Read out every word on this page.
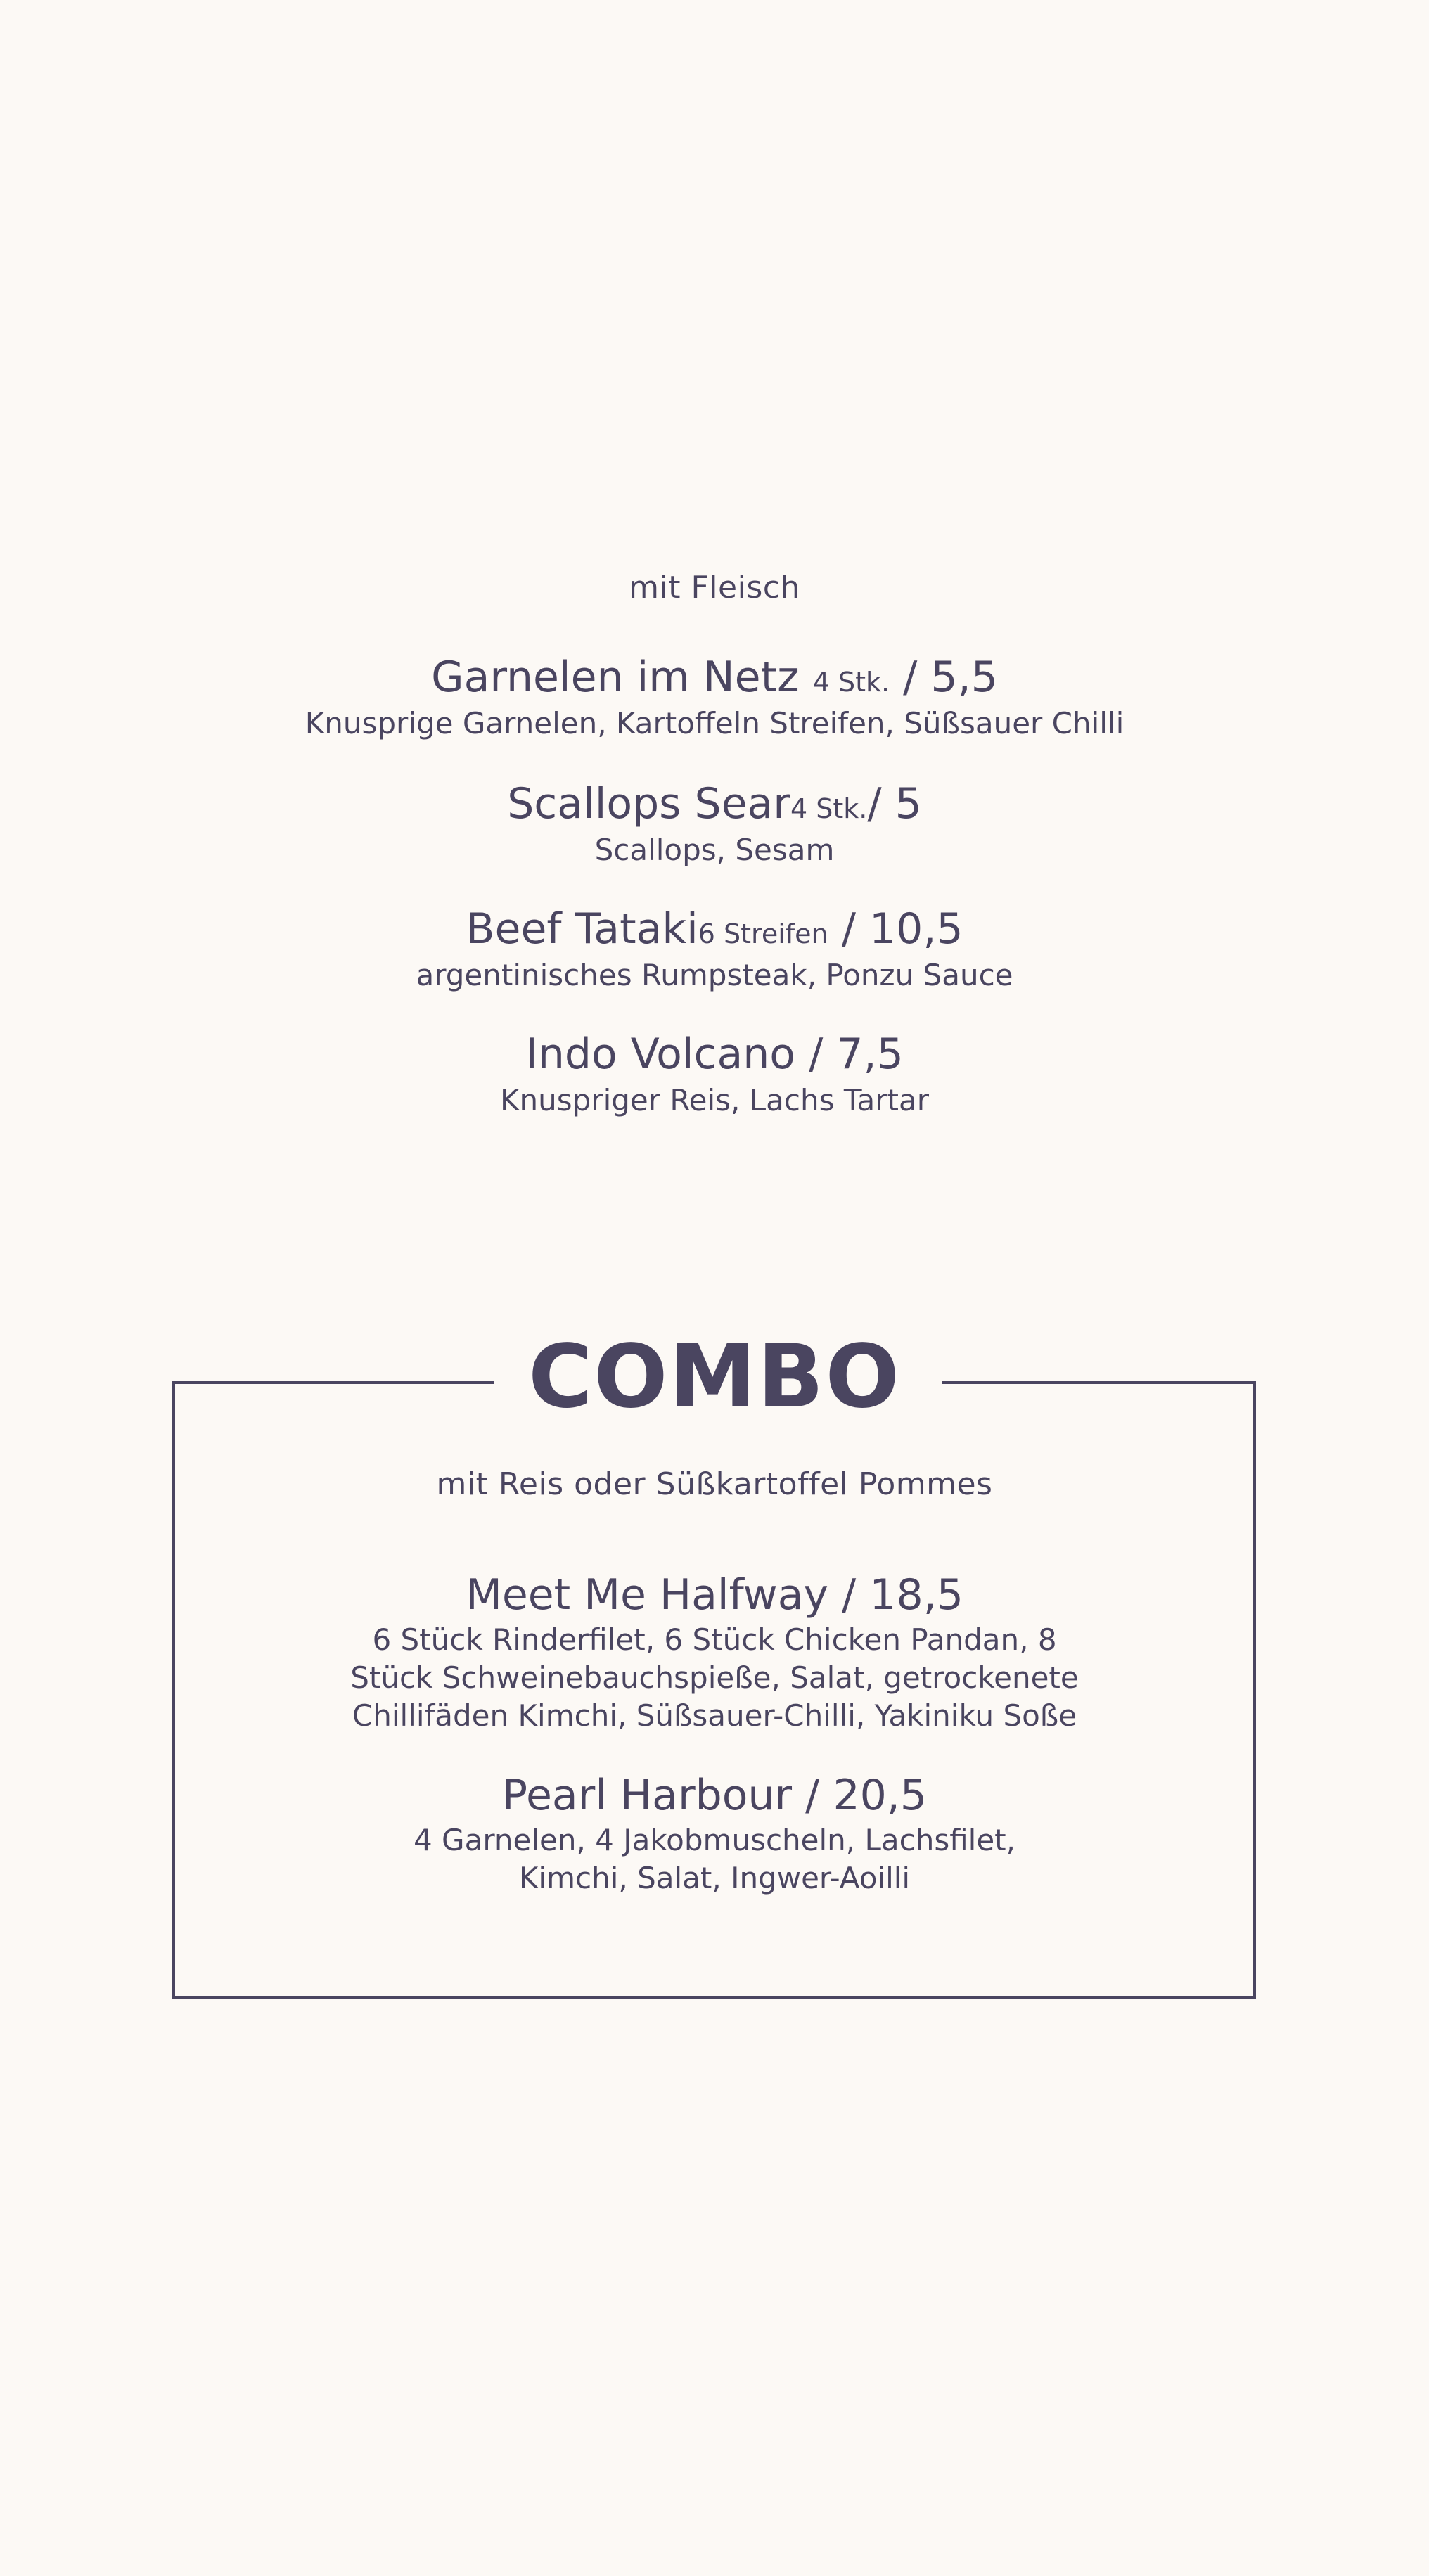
mit Fleisch
Garnelen im Netz 4 Stk. / 5,5
Knusprige Garnelen, Kartoffeln Streifen, Süßsauer Chilli
Scallops Sear4 Stk./ 5
Scallops, Sesam
Beef Tataki6 Streifen / 10,5
argentinisches Rumpsteak, Ponzu Sauce
Indo Volcano / 7,5
Knuspriger Reis, Lachs Tartar
COMBO
mit Reis oder Süßkartoffel Pommes
Meet Me Halfway / 18,5
6 Stück Rinderfilet, 6 Stück Chicken Pandan, 8
Stück Schweinebauchspieße, Salat, getrockenete
Chillifäden Kimchi, Süßsauer-Chilli, Yakiniku Soße
Pearl Harbour / 20,5
4 Garnelen, 4 Jakobmuscheln, Lachsfilet,
Kimchi, Salat, Ingwer-Aoilli
